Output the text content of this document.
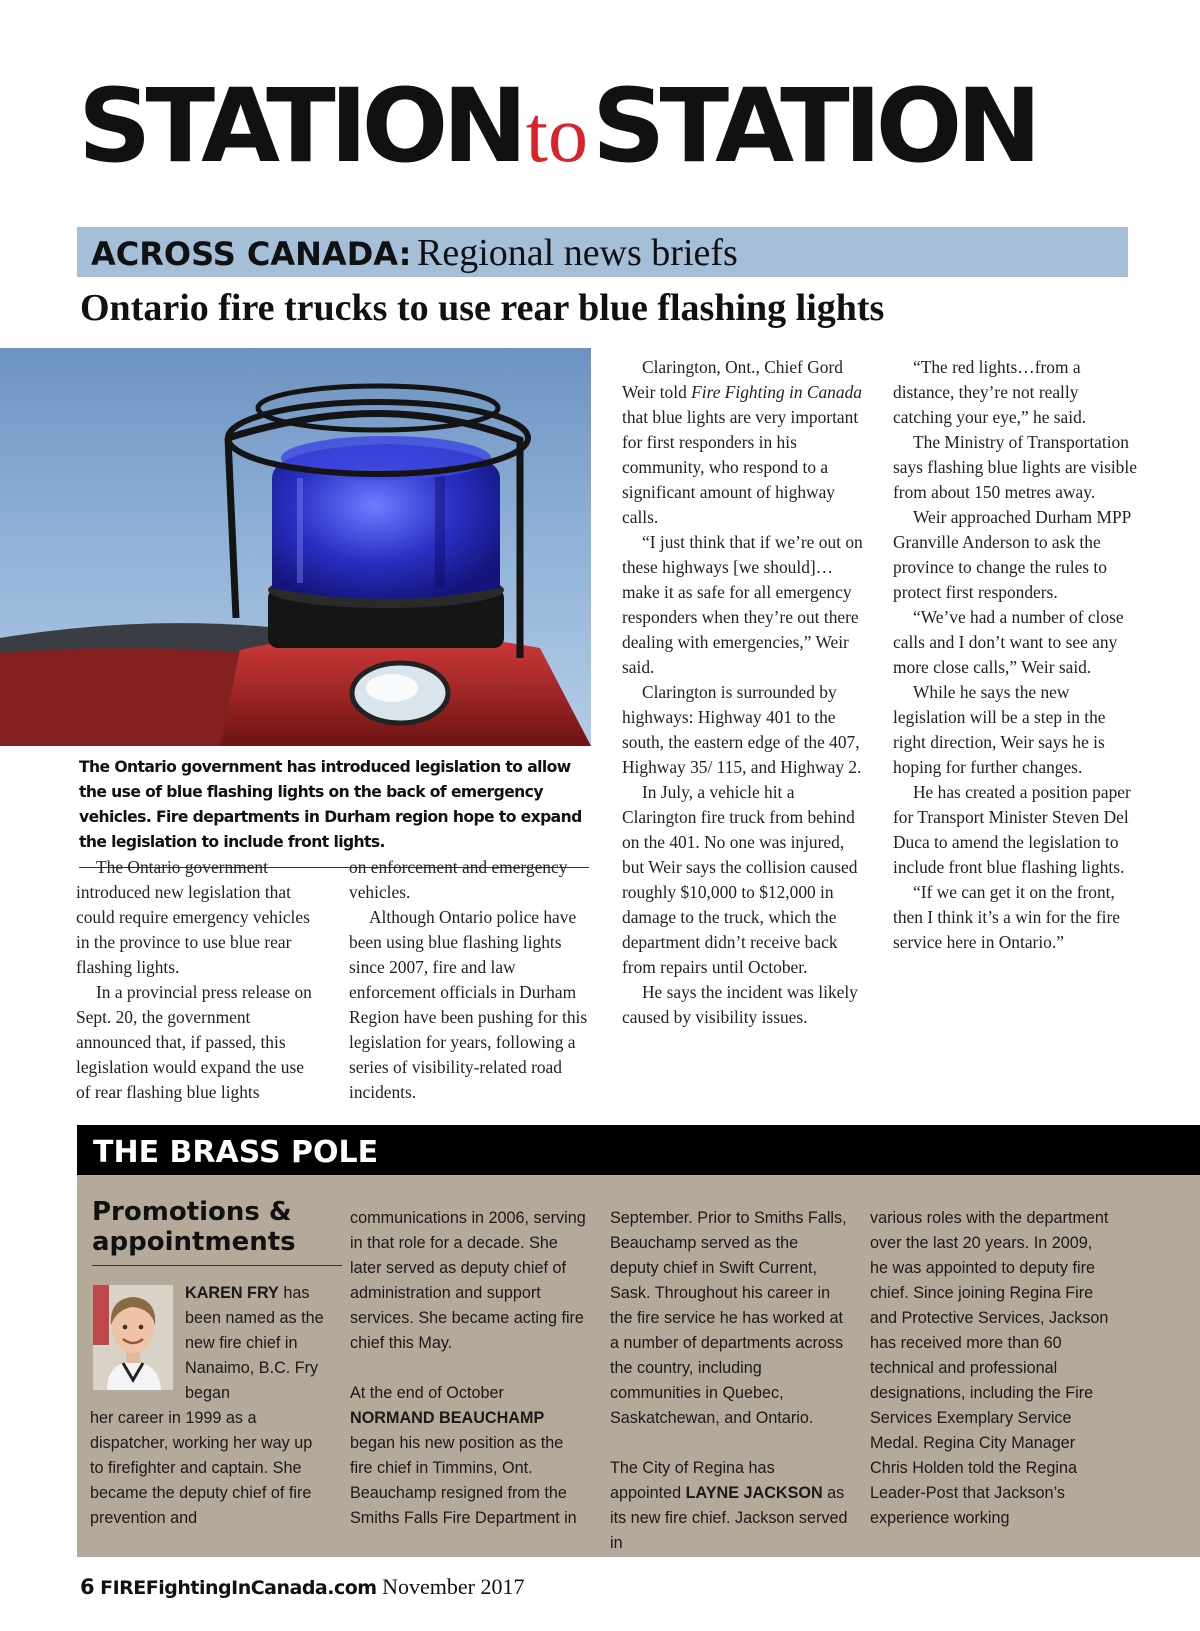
STATIONtoSTATION
ACROSS CANADA: Regional news briefs
Ontario fire trucks to use rear blue flashing lights
The Ontario government has introduced legislation to allow the use of blue flashing lights on the back of emergency vehicles. Fire departments in Durham region hope to expand the legislation to include front lights.

The Ontario government introduced new legislation that could require emergency vehicles in the province to use blue rear flashing lights.

In a provincial press release on Sept. 20, the government announced that, if passed, this legislation would expand the use of rear flashing blue lights

on enforcement and emergency vehicles.

Although Ontario police have been using blue flashing lights since 2007, fire and law enforcement officials in Durham Region have been pushing for this legislation for years, following a series of visibility-related road incidents.

Clarington, Ont., Chief Gord Weir told Fire Fighting in Canada that blue lights are very important for first responders in his community, who respond to a significant amount of highway calls.

“I just think that if we’re out on these highways [we should]… make it as safe for all emergency responders when they’re out there dealing with emergencies,” Weir said.

Clarington is surrounded by highways: Highway 401 to the south, the eastern edge of the 407, Highway 35/ 115, and Highway 2.

In July, a vehicle hit a Clarington fire truck from behind on the 401. No one was injured, but Weir says the collision caused roughly $10,000 to $12,000 in damage to the truck, which the department didn’t receive back from repairs until October.

He says the incident was likely caused by visibility issues.

“The red lights…from a distance, they’re not really catching your eye,” he said.

The Ministry of Transportation says flashing blue lights are visible from about 150 metres away.

Weir approached Durham MPP Granville Anderson to ask the province to change the rules to protect first responders.

“We’ve had a number of close calls and I don’t want to see any more close calls,” Weir said.

While he says the new legislation will be a step in the right direction, Weir says he is hoping for further changes.

He has created a position paper for Transport Minister Steven Del Duca to amend the legislation to include front blue flashing lights.

“If we can get it on the front, then I think it’s a win for the fire service here in Ontario.”

THE BRASS POLE
Promotions &
appointments

KAREN FRY has been named as the new fire chief in Nanaimo, B.C. Fry began

her career in 1999 as a dispatcher, working her way up to firefighter and captain. She became the deputy chief of fire prevention and

communications in 2006, serving in that role for a decade. She later served as deputy chief of administration and support services. She became acting fire chief this May.

At the end of October NORMAND BEAUCHAMP began his new position as the fire chief in Timmins, Ont. Beauchamp resigned from the Smiths Falls Fire Department in

September. Prior to Smiths Falls, Beauchamp served as the deputy chief in Swift Current, Sask. Throughout his career in the fire service he has worked at a number of departments across the country, including communities in Quebec, Saskatchewan, and Ontario.

The City of Regina has appointed LAYNE JACKSON as its new fire chief. Jackson served in

various roles with the department over the last 20 years. In 2009, he was appointed to deputy fire chief. Since joining Regina Fire and Protective Services, Jackson has received more than 60 technical and professional designations, including the Fire Services Exemplary Service Medal. Regina City Manager Chris Holden told the Regina Leader-Post that Jackson’s experience working

6 FIREFightingInCanada.com November 2017
